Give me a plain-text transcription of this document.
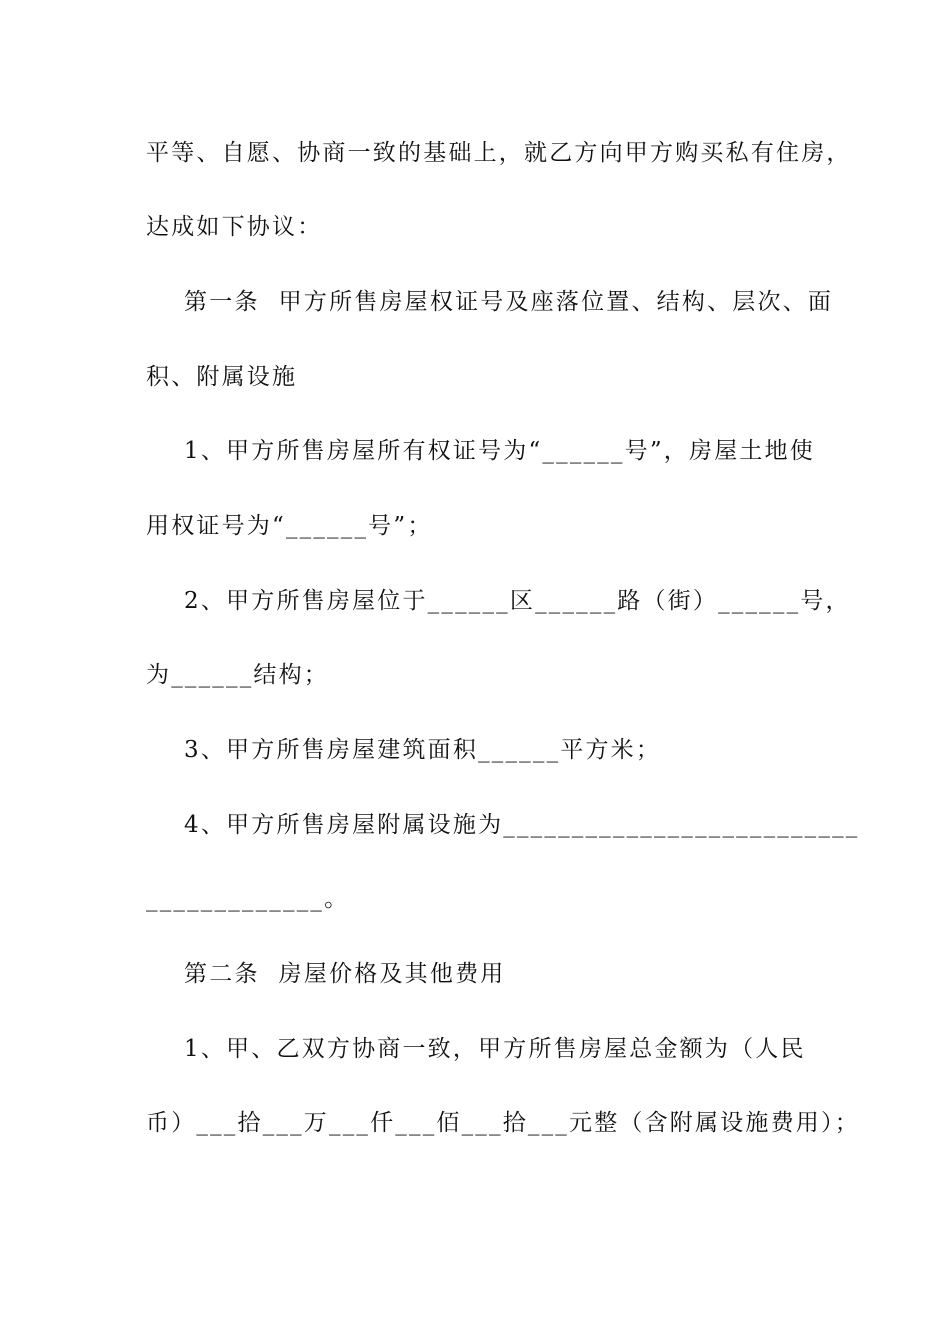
平等、自愿、协商一致的基础上，就乙方向甲方购买私有住房，
达成如下协议：
第一条  甲方所售房屋权证号及座落位置、结构、层次、面
积、附属设施
1、甲方所售房屋所有权证号为“______号”，房屋土地使
用权证号为“______号”；
2、甲方所售房屋位于______区______路（街）______号，
为______结构；
3、甲方所售房屋建筑面积______平方米；
4、甲方所售房屋附属设施为__________________________
_____________。
第二条  房屋价格及其他费用
1、甲、乙双方协商一致，甲方所售房屋总金额为（人民
币）___拾___万___仟___佰___拾___元整（含附属设施费用）；
